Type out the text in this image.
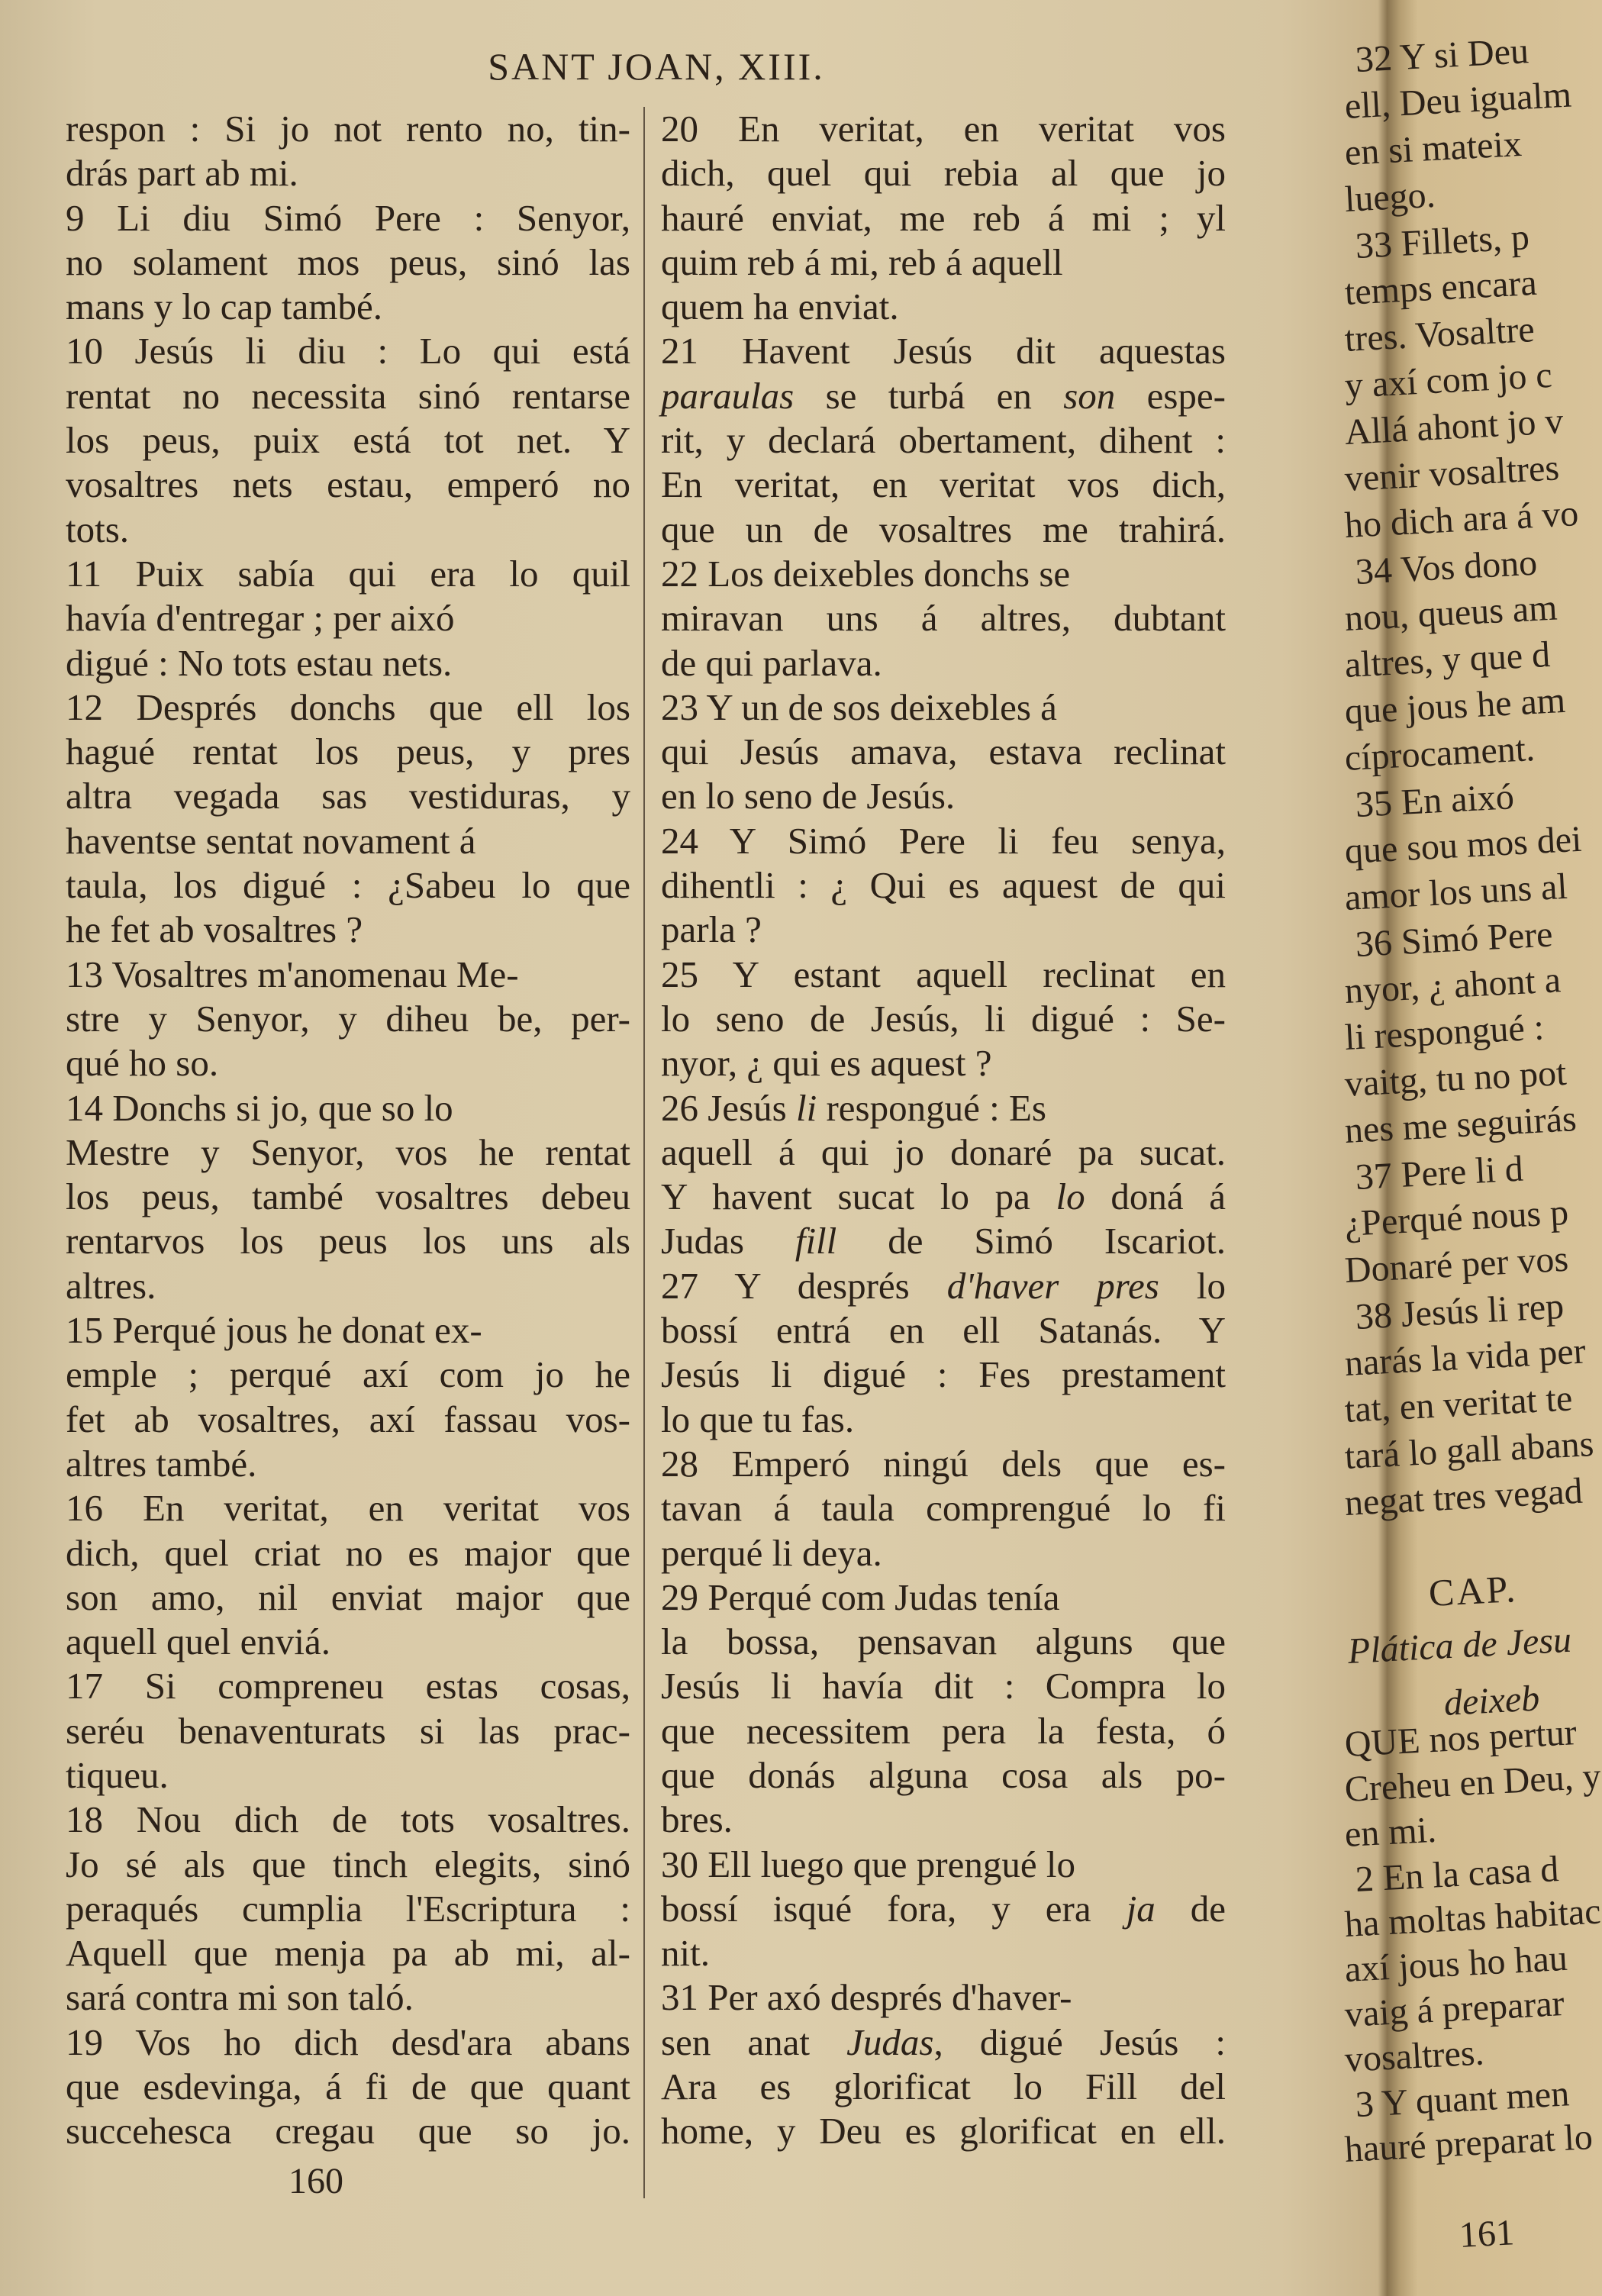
SANT JOAN, XIII.
respon : Si jo not rento no, tin-
drás part ab mi.
9 Li diu Simó Pere : Senyor,
no solament mos peus, sinó las
mans y lo cap també.
10 Jesús li diu : Lo qui está
rentat no necessita sinó rentarse
los peus, puix está tot net. Y
vosaltres nets estau, emperó no
tots.
11 Puix sabía qui era lo quil
havía d'entregar ; per aixó
digué : No tots estau nets.
12 Després donchs que ell los
hagué rentat los peus, y pres
altra vegada sas vestiduras, y
haventse sentat novament á
taula, los digué : ¿Sabeu lo que
he fet ab vosaltres ?
13 Vosaltres m'anomenau Me-
stre y Senyor, y diheu be, per-
qué ho so.
14 Donchs si jo, que so lo
Mestre y Senyor, vos he rentat
los peus, també vosaltres debeu
rentarvos los peus los uns als
altres.
15 Perqué jous he donat ex-
emple ; perqué axí com jo he
fet ab vosaltres, axí fassau vos-
altres també.
16 En veritat, en veritat vos
dich, quel criat no es major que
son amo, nil enviat major que
aquell quel enviá.
17 Si compreneu estas cosas,
seréu benaventurats si las prac-
tiqueu.
18 Nou dich de tots vosaltres.
Jo sé als que tinch elegits, sinó
peraqués cumplia l'Escriptura :
Aquell que menja pa ab mi, al-
sará contra mi son taló.
19 Vos ho dich desd'ara abans
que esdevinga, á fi de que quant
succehesca cregau que so jo.
20 En veritat, en veritat vos
dich, quel qui rebia al que jo
hauré enviat, me reb á mi ; yl
quim reb á mi, reb á aquell
quem ha enviat.
21 Havent Jesús dit aquestas
paraulas se turbá en son espe-
rit, y declará obertament, dihent :
En veritat, en veritat vos dich,
que un de vosaltres me trahirá.
22 Los deixebles donchs se
miravan uns á altres, dubtant
de qui parlava.
23 Y un de sos deixebles á
qui Jesús amava, estava reclinat
en lo seno de Jesús.
24 Y Simó Pere li feu senya,
dihentli : ¿ Qui es aquest de qui
parla ?
25 Y estant aquell reclinat en
lo seno de Jesús, li digué : Se-
nyor, ¿ qui es aquest ?
26 Jesús li respongué : Es
aquell á qui jo donaré pa sucat.
Y havent sucat lo pa lo doná á
Judas fill de Simó Iscariot.
27 Y després d'haver pres lo
bossí entrá en ell Satanás. Y
Jesús li digué : Fes prestament
lo que tu fas.
28 Emperó ningú dels que es-
tavan á taula comprengué lo fi
perqué li deya.
29 Perqué com Judas tenía
la bossa, pensavan alguns que
Jesús li havía dit : Compra lo
que necessitem pera la festa, ó
que donás alguna cosa als po-
bres.
30 Ell luego que prengué lo
bossí isqué fora, y era ja de
nit.
31 Per axó després d'haver-
sen anat Judas, digué Jesús :
Ara es glorificat lo Fill del
home, y Deu es glorificat en ell.
160
32 Y si Deu
ell, Deu igualm
en si mateix
luego.
33 Fillets, p
temps encara
tres. Vosaltre
y axí com jo c
Allá ahont jo v
venir vosaltres
ho dich ara á vo
34 Vos dono
nou, queus am
altres, y que d
que jous he am
cíprocament.
35 En aixó
que sou mos dei
amor los uns al
36 Simó Pere
nyor, ¿ ahont a
li respongué :
vaitg, tu no pot
nes me seguirás
37 Pere li d
¿Perqué nous p
Donaré per vos
38 Jesús li rep
narás la vida per
tat, en veritat te
tará lo gall abans
negat tres vegad
CAP.
Plática de Jesu
deixeb
QUE nos pertur
Creheu en Deu, y
en mi.
2 En la casa d
ha moltas habitac
axí jous ho hau
vaig á preparar
vosaltres.
3 Y quant men
hauré preparat lo
161
